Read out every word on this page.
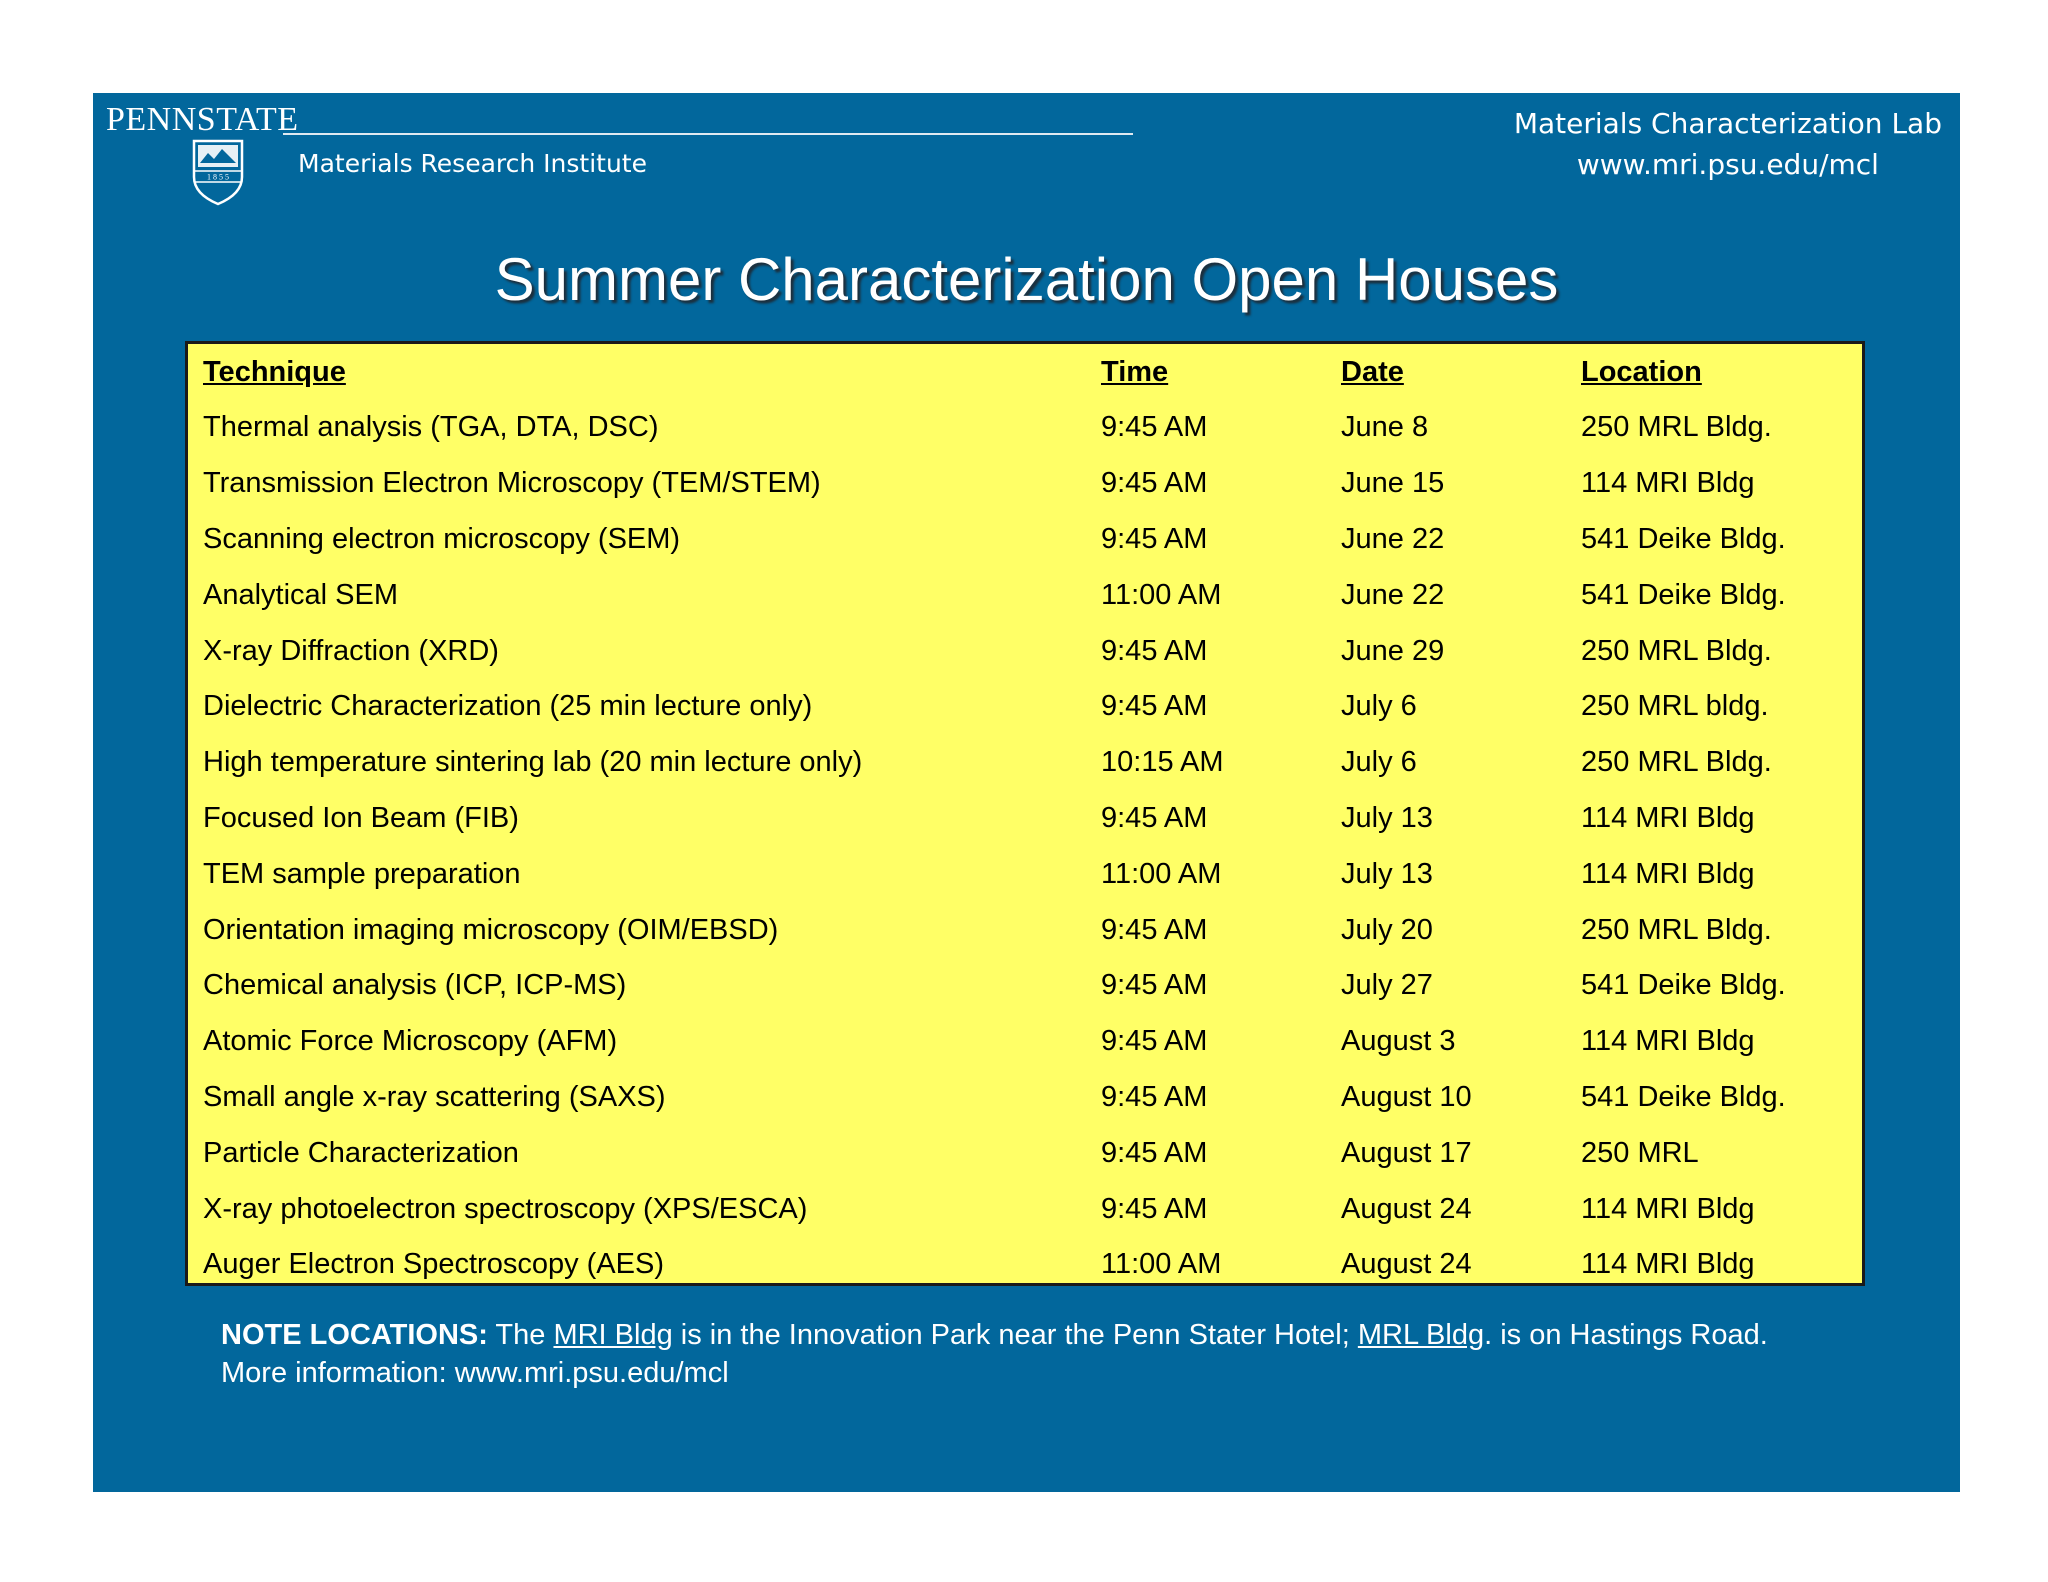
PENNSTATE
1 8 5 5	Materials Research Institute
Materials Characterization Lab
www.mri.psu.edu/mcl
Summer Characterization Open Houses
Technique	Time	Date	Location
Thermal analysis (TGA, DTA, DSC)	9:45 AM	June 8	250 MRL Bldg.
Transmission Electron Microscopy (TEM/STEM)	9:45 AM	June 15	114 MRI Bldg
Scanning electron microscopy (SEM)	9:45 AM	June 22	541 Deike Bldg.
Analytical SEM	11:00 AM	June 22	541 Deike Bldg.
X-ray Diffraction (XRD)	9:45 AM	June 29	250 MRL Bldg.
Dielectric Characterization (25 min lecture only)	9:45 AM	July 6	250 MRL bldg.
High temperature sintering lab (20 min lecture only)	10:15 AM	July 6	250 MRL Bldg.
Focused Ion Beam (FIB)	9:45 AM	July 13	114 MRI Bldg
TEM sample preparation	11:00 AM	July 13	114 MRI Bldg
Orientation imaging microscopy (OIM/EBSD)	9:45 AM	July 20	250 MRL Bldg.
Chemical analysis (ICP, ICP-MS)	9:45 AM	July 27	541 Deike Bldg.
Atomic Force Microscopy (AFM)	9:45 AM	August 3	114 MRI Bldg
Small angle x-ray scattering (SAXS)	9:45 AM	August 10	541 Deike Bldg.
Particle Characterization	9:45 AM	August 17	250 MRL
X-ray photoelectron spectroscopy (XPS/ESCA)	9:45 AM	August 24	114 MRI Bldg
Auger Electron Spectroscopy (AES)	11:00 AM	August 24	114 MRI Bldg
NOTE LOCATIONS: The MRI Bldg is in the Innovation Park near the Penn Stater Hotel; MRL Bldg. is on Hastings Road.
More information: www.mri.psu.edu/mcl
